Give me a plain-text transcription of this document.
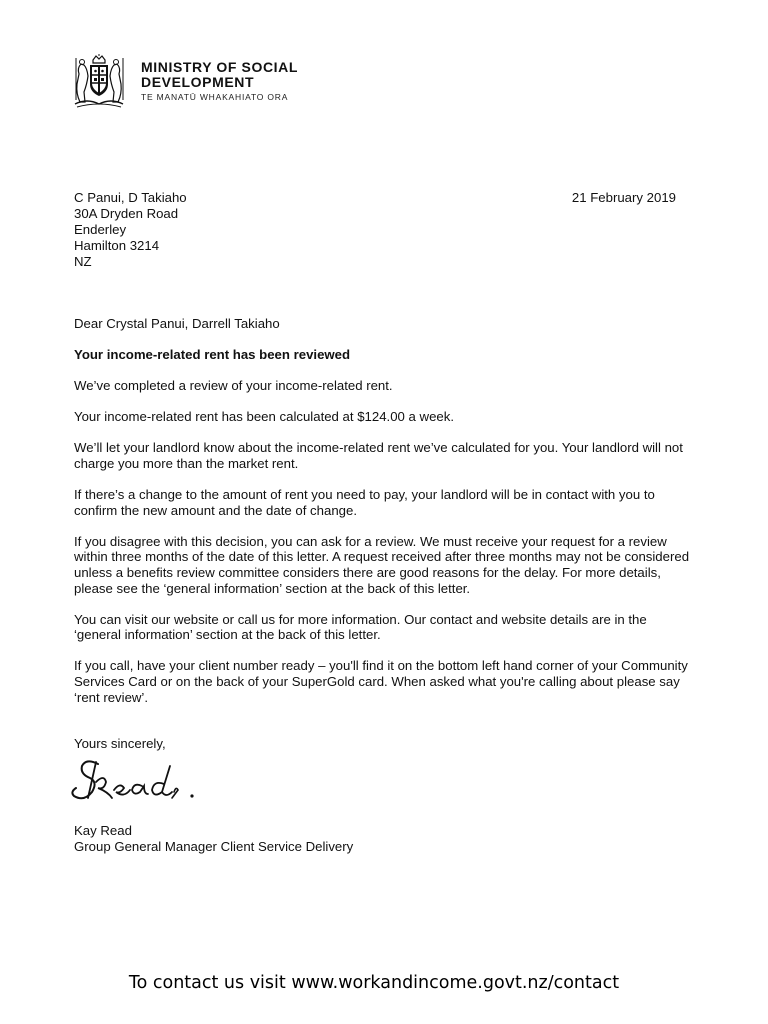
MINISTRY OF SOCIAL
DEVELOPMENT
TE MANATŪ WHAKAHIATO ORA
C Panui, D Takiaho
30A Dryden Road
Enderley
Hamilton 3214
NZ
21 February 2019

Dear Crystal Panui, Darrell Takiaho

Your income-related rent has been reviewed

We’ve completed a review of your income-related rent.

Your income-related rent has been calculated at $124.00 a week.

We’ll let your landlord know about the income-related rent we’ve calculated for you. Your landlord will not charge you more than the market rent.

If there’s a change to the amount of rent you need to pay, your landlord will be in contact with you to confirm the new amount and the date of change.

If you disagree with this decision, you can ask for a review. We must receive your request for a review within three months of the date of this letter. A request received after three months may not be considered unless a benefits review committee considers there are good reasons for the delay. For more details, please see the ‘general information’ section at the back of this letter.

You can visit our website or call us for more information. Our contact and website details are in the ‘general information’ section at the back of this letter.

If you call, have your client number ready – you'll find it on the bottom left hand corner of your Community Services Card or on the back of your SuperGold card. When asked what you're calling about please say ‘rent review’.

Yours sincerely,
Kay Read
Group General Manager Client Service Delivery
To contact us visit www.workandincome.govt.nz/contact
